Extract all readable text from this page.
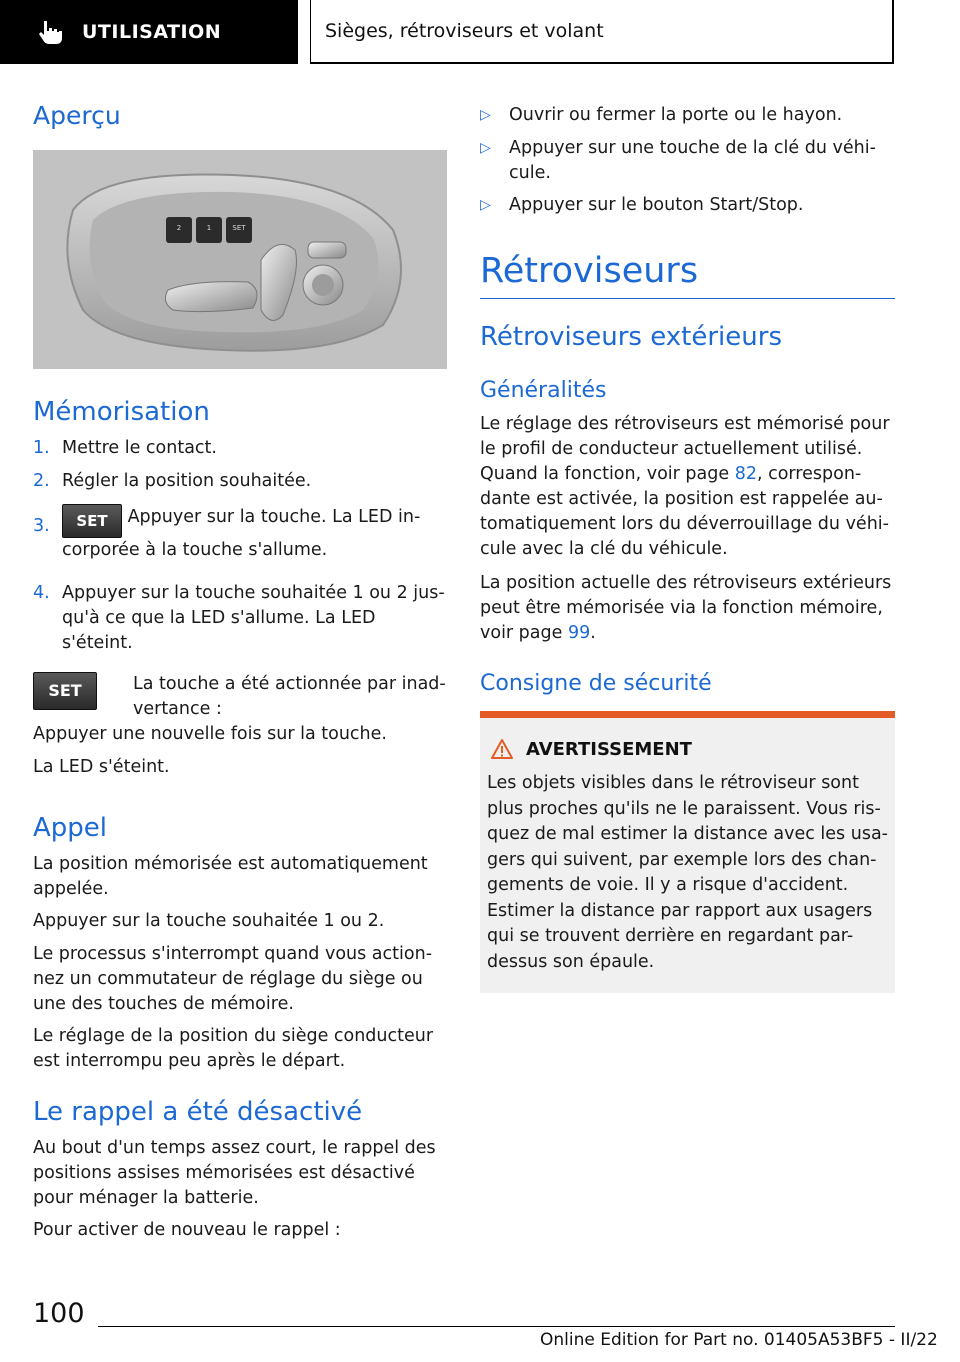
UTILISATION	Sièges, rétroviseurs et volant
Aperçu
2	1	SET
Mémorisation
1. Mettre le contact.
2. Régler la position souhaitée.
3.	SET Appuyer sur la touche. La LED incorporée à la touche s'allume.
4. Appuyer sur la touche souhaitée 1 ou 2 jusqu'à ce que la LED s'allume. La LED s'éteint.
SET	La touche a été actionnée par inadvertance :

Appuyer une nouvelle fois sur la touche.

La LED s'éteint.

Appel

La position mémorisée est automatiquement appelée.

Appuyer sur la touche souhaitée 1 ou 2.

Le processus s'interrompt quand vous actionnez un commutateur de réglage du siège ou une des touches de mémoire.

Le réglage de la position du siège conducteur est interrompu peu après le départ.

Le rappel a été désactivé

Au bout d'un temps assez court, le rappel des positions assises mémorisées est désactivé pour ménager la batterie.

Pour activer de nouveau le rappel :

▷ Ouvrir ou fermer la porte ou le hayon.
▷ Appuyer sur une touche de la clé du véhicule.
▷ Appuyer sur le bouton Start/Stop.
Rétroviseurs
Rétroviseurs extérieurs
Généralités

Le réglage des rétroviseurs est mémorisé pour le profil de conducteur actuellement utilisé. Quand la fonction, voir page 82, correspondante est activée, la position est rappelée automatiquement lors du déverrouillage du véhicule avec la clé du véhicule.

La position actuelle des rétroviseurs extérieurs peut être mémorisée via la fonction mémoire, voir page 99.

Consigne de sécurité
AVERTISSEMENT
Les objets visibles dans le rétroviseur sont plus proches qu'ils ne le paraissent. Vous risquez de mal estimer la distance avec les usagers qui suivent, par exemple lors des changements de voie. Il y a risque d'accident. Estimer la distance par rapport aux usagers qui se trouvent derrière en regardant par-dessus son épaule.
100
Online Edition for Part no. 01405A53BF5 - II/22
